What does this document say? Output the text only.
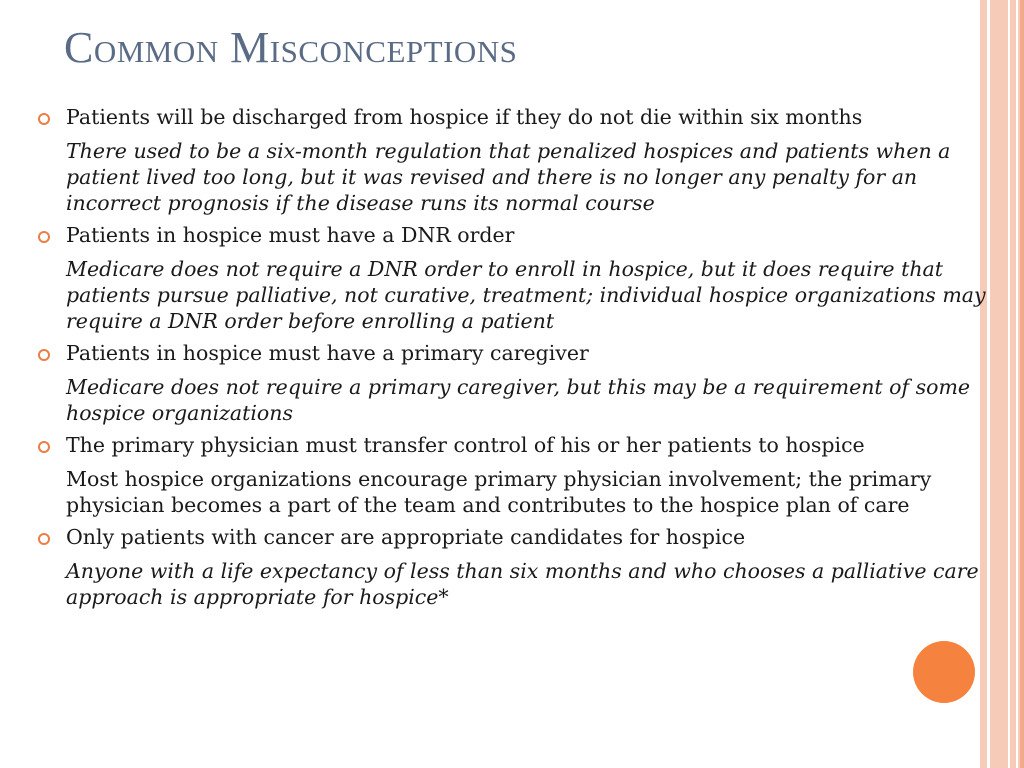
Common Misconceptions

Patients will be discharged from hospice if they do not die within six months

There used to be a six-month regulation that penalized hospices and patients when a patient lived too long, but it was revised and there is no longer any penalty for an incorrect prognosis if the disease runs its normal course

Patients in hospice must have a DNR order

Medicare does not require a DNR order to enroll in hospice, but it does require that patients pursue palliative, not curative, treatment; individual hospice organizations may require a DNR order before enrolling a patient

Patients in hospice must have a primary caregiver

Medicare does not require a primary caregiver, but this may be a requirement of some hospice organizations

The primary physician must transfer control of his or her patients to hospice

Most hospice organizations encourage primary physician involvement; the primary physician becomes a part of the team and contributes to the hospice plan of care

Only patients with cancer are appropriate candidates for hospice

Anyone with a life expectancy of less than six months and who chooses a palliative care approach is appropriate for hospice*
